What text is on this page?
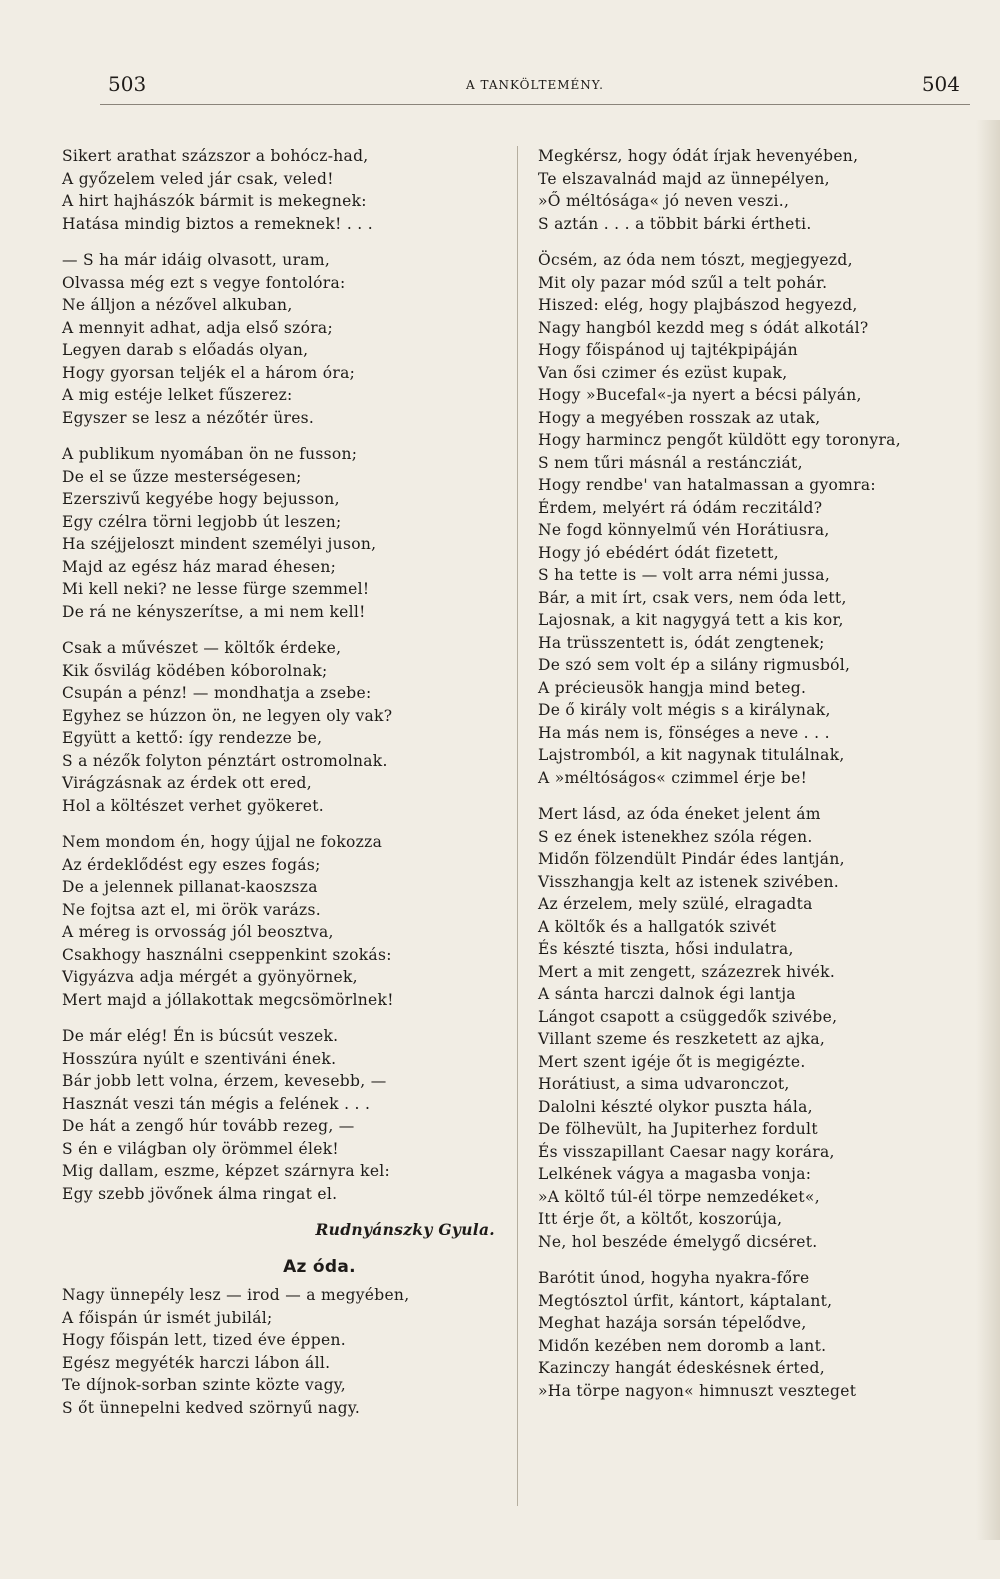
503	A TANKÖLTEMÉNY.	504
Sikert arathat százszor a bohócz-had,
A győzelem veled jár csak, veled!
A hirt hajhászók bármit is mekegnek:
Hatása mindig biztos a remeknek! . . .
— S ha már idáig olvasott, uram,
Olvassa még ezt s vegye fontolóra:
Ne álljon a nézővel alkuban,
A mennyit adhat, adja első szóra;
Legyen darab s előadás olyan,
Hogy gyorsan teljék el a három óra;
A mig estéje lelket fűszerez:
Egyszer se lesz a nézőtér üres.
A publikum nyomában ön ne fusson;
De el se űzze mesterségesen;
Ezerszivű kegyébe hogy bejusson,
Egy czélra törni legjobb út leszen;
Ha széjjeloszt mindent személyi juson,
Majd az egész ház marad éhesen;
Mi kell neki? ne lesse fürge szemmel!
De rá ne kényszerítse, a mi nem kell!
Csak a művészet — költők érdeke,
Kik ősvilág ködében kóborolnak;
Csupán a pénz! — mondhatja a zsebe:
Egyhez se húzzon ön, ne legyen oly vak?
Együtt a kettő: így rendezze be,
S a nézők folyton pénztárt ostromolnak.
Virágzásnak az érdek ott ered,
Hol a költészet verhet gyökeret.
Nem mondom én, hogy újjal ne fokozza
Az érdeklődést egy eszes fogás;
De a jelennek pillanat-kaoszsza
Ne fojtsa azt el, mi örök varázs.
A méreg is orvosság jól beosztva,
Csakhogy használni cseppenkint szokás:
Vigyázva adja mérgét a gyönyörnek,
Mert majd a jóllakottak megcsömörlnek!
De már elég! Én is búcsút veszek.
Hosszúra nyúlt e szentiváni ének.
Bár jobb lett volna, érzem, kevesebb, —
Hasznát veszi tán mégis a felének . . .
De hát a zengő húr tovább rezeg, —
S én e világban oly örömmel élek!
Mig dallam, eszme, képzet szárnyra kel:
Egy szebb jövőnek álma ringat el.
Rudnyánszky Gyula.
Az óda.
Nagy ünnepély lesz — irod — a megyében,
A főispán úr ismét jubilál;
Hogy főispán lett, tized éve éppen.
Egész megyéték harczi lábon áll.
Te díjnok-sorban szinte közte vagy,
S őt ünnepelni kedved szörnyű nagy.
Megkérsz, hogy ódát írjak hevenyében,
Te elszavalnád majd az ünnepélyen,
»Ő méltósága« jó neven veszi.,
S aztán . . . a többit bárki értheti.
Öcsém, az óda nem tószt, megjegyezd,
Mit oly pazar mód szűl a telt pohár.
Hiszed: elég, hogy plajbászod hegyezd,
Nagy hangból kezdd meg s ódát alkotál?
Hogy főispánod uj tajtékpipáján
Van ősi czimer és ezüst kupak,
Hogy »Bucefal«-ja nyert a bécsi pályán,
Hogy a megyében rosszak az utak,
Hogy harmincz pengőt küldött egy toronyra,
S nem tűri másnál a restáncziát,
Hogy rendbe' van hatalmassan a gyomra:
Érdem, melyért rá ódám reczitáld?
Ne fogd könnyelmű vén Horátiusra,
Hogy jó ebédért ódát fizetett,
S ha tette is — volt arra némi jussa,
Bár, a mit írt, csak vers, nem óda lett,
Lajosnak, a kit nagygyá tett a kis kor,
Ha trüsszentett is, ódát zengtenek;
De szó sem volt ép a silány rigmusból,
A précieusök hangja mind beteg.
De ő király volt mégis s a királynak,
Ha más nem is, fönséges a neve . . .
Lajstromból, a kit nagynak titulálnak,
A »méltóságos« czimmel érje be!
Mert lásd, az óda éneket jelent ám
S ez ének istenekhez szóla régen.
Midőn fölzendült Pindár édes lantján,
Visszhangja kelt az istenek szivében.
Az érzelem, mely szülé, elragadta
A költők és a hallgatók szivét
És készté tiszta, hősi indulatra,
Mert a mit zengett, százezrek hivék.
A sánta harczi dalnok égi lantja
Lángot csapott a csüggedők szivébe,
Villant szeme és reszketett az ajka,
Mert szent igéje őt is megigézte.
Horátiust, a sima udvaronczot,
Dalolni készté olykor puszta hála,
De fölhevült, ha Jupiterhez fordult
És visszapillant Caesar nagy korára,
Lelkének vágya a magasba vonja:
»A költő túl-él törpe nemzedéket«,
Itt érje őt, a költőt, koszorúja,
Ne, hol beszéde émelygő dicséret.
Barótit únod, hogyha nyakra-főre
Megtósztol úrfit, kántort, káptalant,
Meghat hazája sorsán tépelődve,
Midőn kezében nem doromb a lant.
Kazinczy hangát édeskésnek érted,
»Ha törpe nagyon« himnuszt veszteget
